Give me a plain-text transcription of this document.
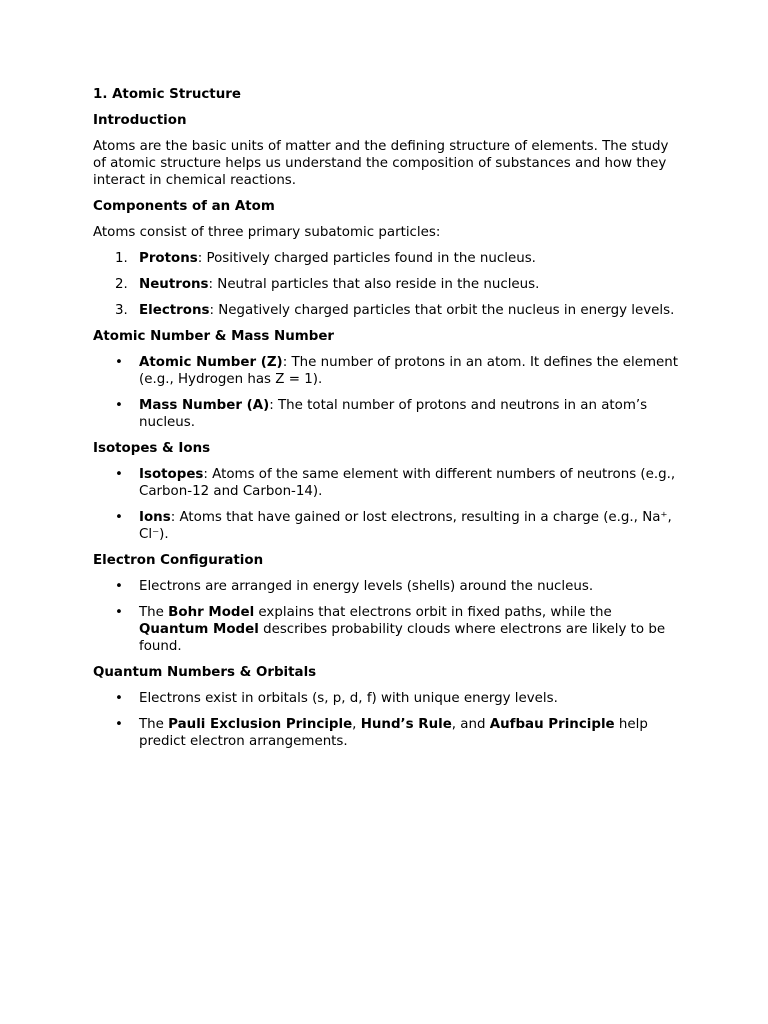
1. Atomic Structure
Introduction
Atoms are the basic units of matter and the defining structure of elements. The study of atomic structure helps us understand the composition of substances and how they interact in chemical reactions.
Components of an Atom
Atoms consist of three primary subatomic particles:
1. Protons: Positively charged particles found in the nucleus.
2. Neutrons: Neutral particles that also reside in the nucleus.
3. Electrons: Negatively charged particles that orbit the nucleus in energy levels.
Atomic Number & Mass Number
• Atomic Number (Z): The number of protons in an atom. It defines the element (e.g., Hydrogen has Z = 1).
• Mass Number (A): The total number of protons and neutrons in an atom’s nucleus.
Isotopes & Ions
• Isotopes: Atoms of the same element with different numbers of neutrons (e.g., Carbon-12 and Carbon-14).
• Ions: Atoms that have gained or lost electrons, resulting in a charge (e.g., Na⁺, Cl⁻).
Electron Configuration
• Electrons are arranged in energy levels (shells) around the nucleus.
• The Bohr Model explains that electrons orbit in fixed paths, while the Quantum Model describes probability clouds where electrons are likely to be found.
Quantum Numbers & Orbitals
• Electrons exist in orbitals (s, p, d, f) with unique energy levels.
• The Pauli Exclusion Principle, Hund’s Rule, and Aufbau Principle help predict electron arrangements.
